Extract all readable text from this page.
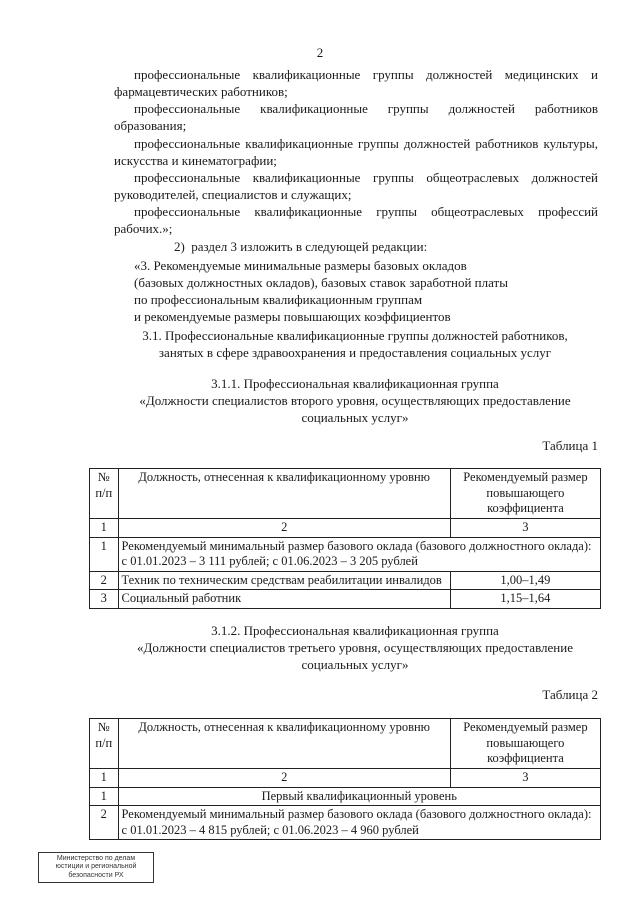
2

профессиональные квалификационные группы должностей медицинских и фармацевтических работников;

профессиональные квалификационные группы должностей работников образования;

профессиональные квалификационные группы должностей работников культуры, искусства и кинематографии;

профессиональные квалификационные группы общеотраслевых должностей руководителей, специалистов и служащих;

профессиональные квалификационные группы общеотраслевых профессий рабочих.»;

2) раздел 3 изложить в следующей редакции:

«3. Рекомендуемые минимальные размеры базовых окладов

(базовых должностных окладов), базовых ставок заработной платы

по профессиональным квалификационным группам

и рекомендуемые размеры повышающих коэффициентов

3.1. Профессиональные квалификационные группы должностей работников,
занятых в сфере здравоохранения и предоставления социальных услуг
3.1.1. Профессиональная квалификационная группа
«Должности специалистов второго уровня, осуществляющих предоставление
социальных услуг»
Таблица 1
№ п/п	Должность, отнесенная к квалификационному уровню	Рекомендуемый размер повышающего коэффициента
1	2	3
1	Рекомендуемый минимальный размер базового оклада (базового должностного оклада): с 01.01.2023 – 3 111 рублей; с 01.06.2023 – 3 205 рублей	
2	Техник по техническим средствам реабилитации инвалидов	1,00–1,49
3	Социальный работник	1,15–1,64
3.1.2. Профессиональная квалификационная группа
«Должности специалистов третьего уровня, осуществляющих предоставление
социальных услуг»
Таблица 2
№ п/п	Должность, отнесенная к квалификационному уровню	Рекомендуемый размер повышающего коэффициента
1	2	3
1	Первый квалификационный уровень	
2	Рекомендуемый минимальный размер базового оклада (базового должностного оклада): с 01.01.2023 – 4 815 рублей; с 01.06.2023 – 4 960 рублей	
Министерство по делам
юстиции и региональной
безопасности РХ
